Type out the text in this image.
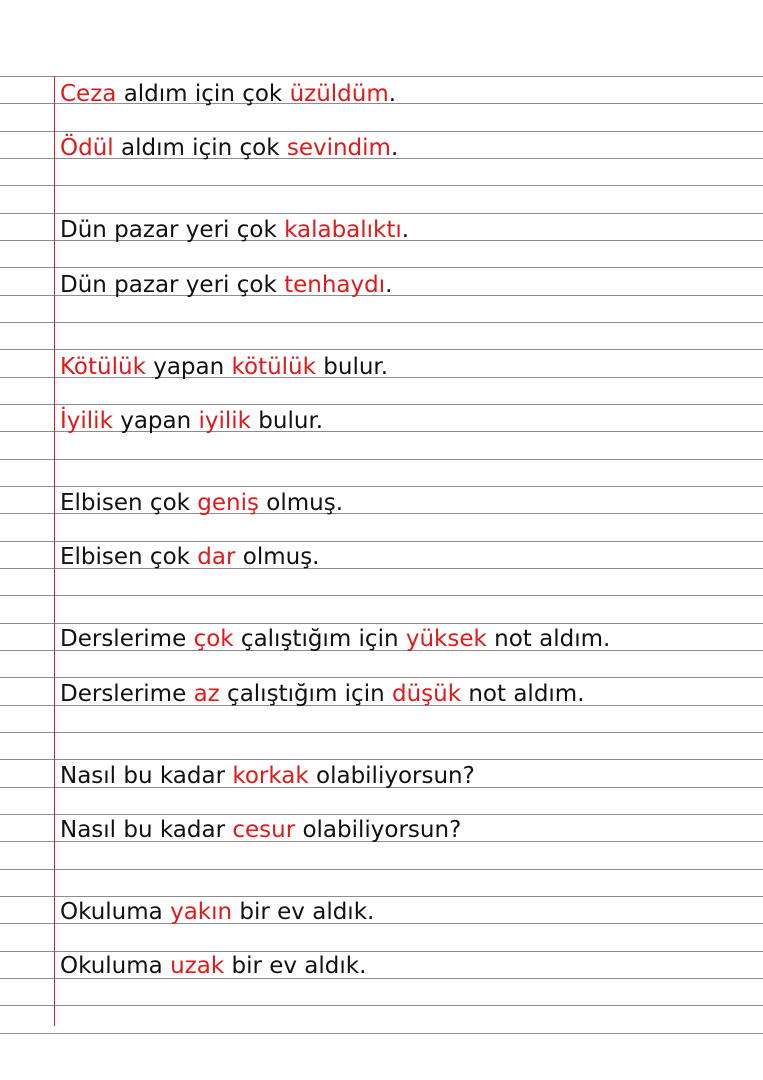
Ceza aldım için çok üzüldüm.
Ödül aldım için çok sevindim.
Dün pazar yeri çok kalabalıktı.
Dün pazar yeri çok tenhaydı.
Kötülük yapan kötülük bulur.
İyilik yapan iyilik bulur.
Elbisen çok geniş olmuş.
Elbisen çok dar olmuş.
Derslerime çok çalıştığım için yüksek not aldım.
Derslerime az çalıştığım için düşük not aldım.
Nasıl bu kadar korkak olabiliyorsun?
Nasıl bu kadar cesur olabiliyorsun?
Okuluma yakın bir ev aldık.
Okuluma uzak bir ev aldık.
